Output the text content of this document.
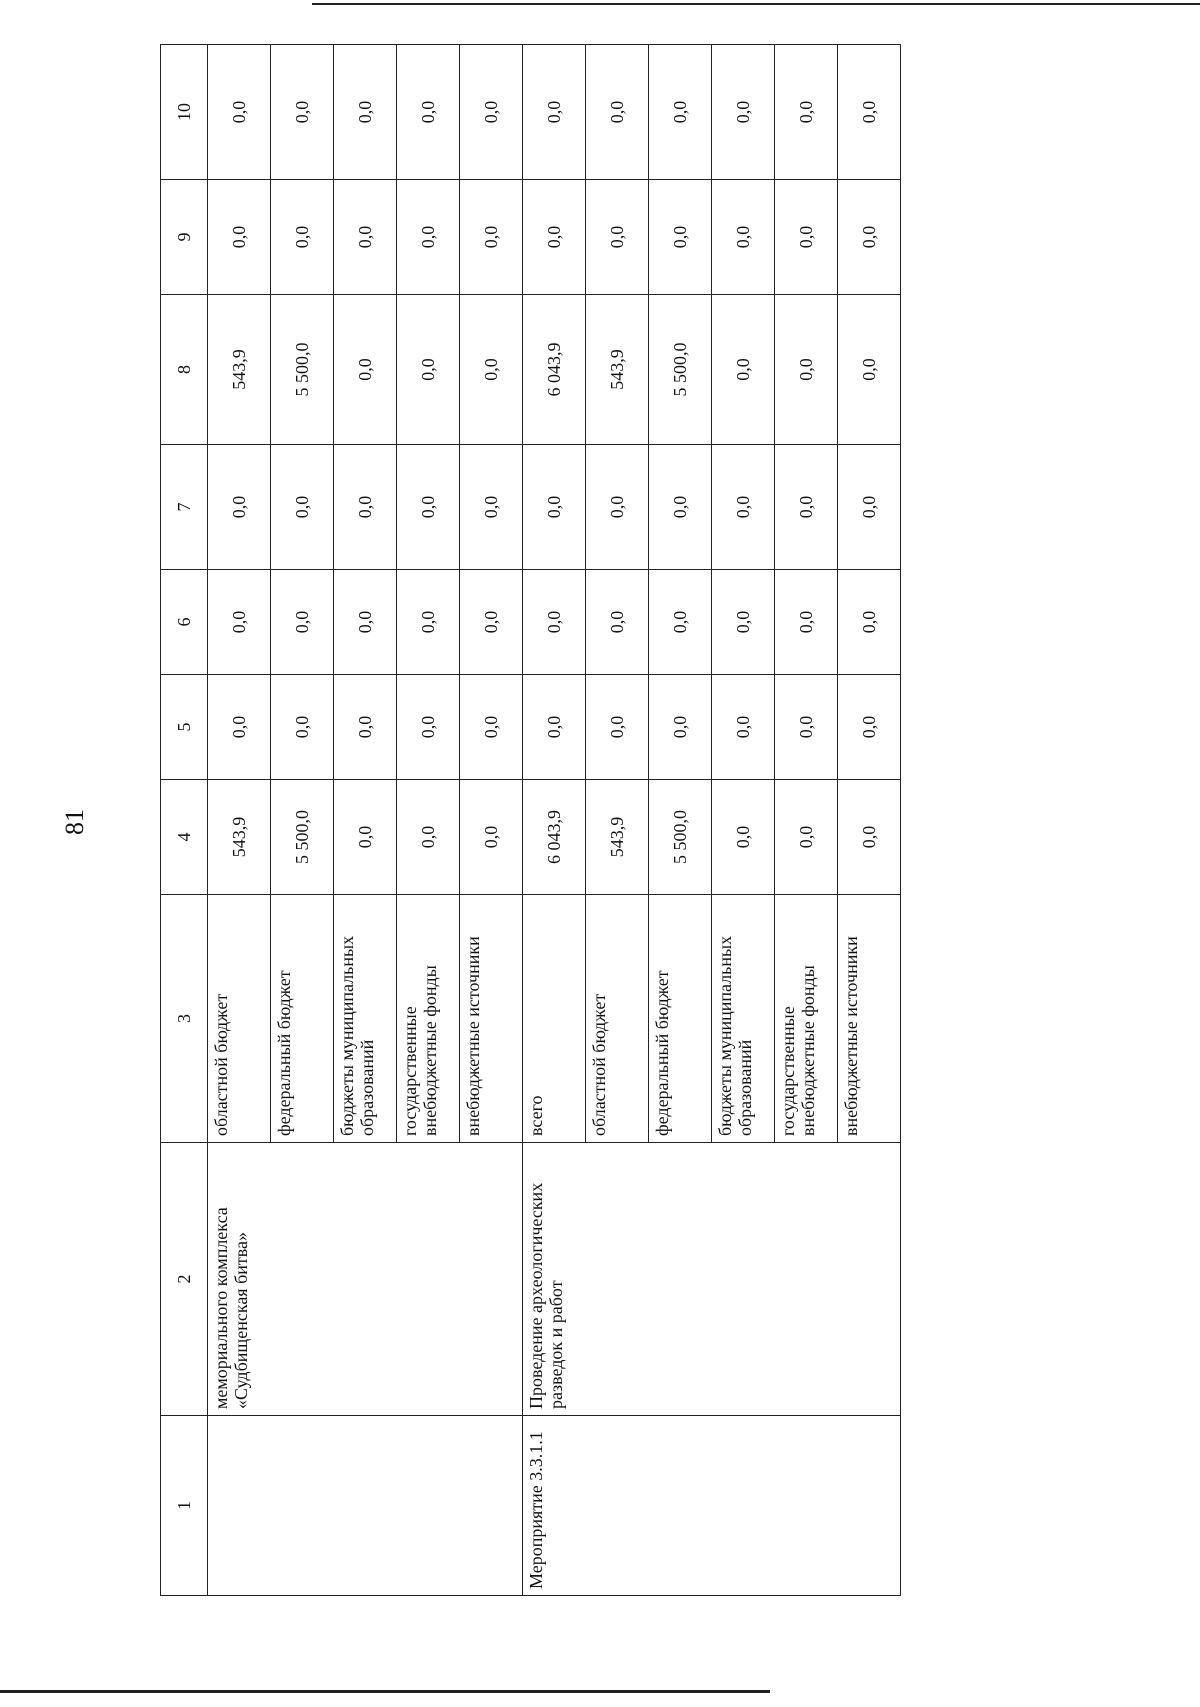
81
1	2	3	4	5	6	7	8	9	10
	мемориального комплекса «Судбищенская битва»	областной бюджет	543,9	0,0	0,0	0,0	543,9	0,0	0,0
		федеральный бюджет	5 500,0	0,0	0,0	0,0	5 500,0	0,0	0,0
		бюджеты муниципальных образований	0,0	0,0	0,0	0,0	0,0	0,0	0,0
		государственные внебюджетные фонды	0,0	0,0	0,0	0,0	0,0	0,0	0,0
		внебюджетные источники	0,0	0,0	0,0	0,0	0,0	0,0	0,0
Мероприятие 3.3.1.1	Проведение археологических разведок и работ	всего	6 043,9	0,0	0,0	0,0	6 043,9	0,0	0,0
		областной бюджет	543,9	0,0	0,0	0,0	543,9	0,0	0,0
		федеральный бюджет	5 500,0	0,0	0,0	0,0	5 500,0	0,0	0,0
		бюджеты муниципальных образований	0,0	0,0	0,0	0,0	0,0	0,0	0,0
		государственные внебюджетные фонды	0,0	0,0	0,0	0,0	0,0	0,0	0,0
		внебюджетные источники	0,0	0,0	0,0	0,0	0,0	0,0	0,0
